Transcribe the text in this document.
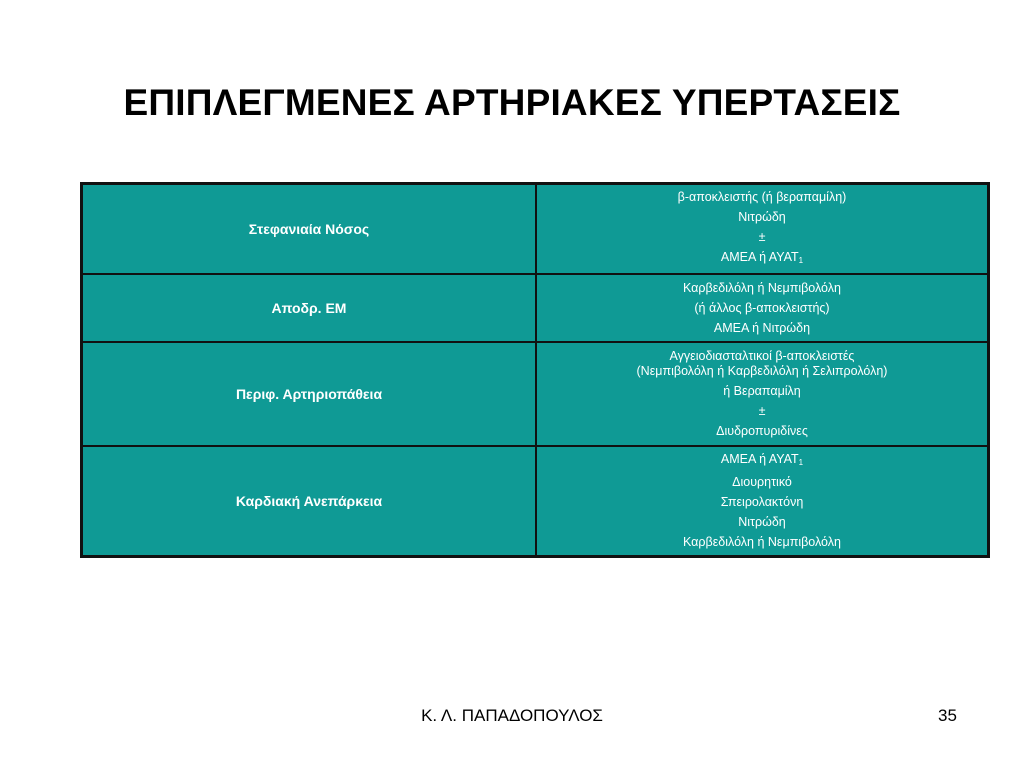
ΕΠΙΠΛΕΓΜΕΝΕΣ ΑΡΤΗΡΙΑΚΕΣ ΥΠΕΡΤΑΣΕΙΣ
Στεφανιαία Νόσος	β-αποκλειστής (ή βεραπαμίλη)
Νιτρώδη
±
ΑΜΕΑ ή $A\Upsilon AT_1$

Αποδρ. ΕΜ	Καρβεδιλόλη ή Νεμπιβολόλη
(ή άλλος β-αποκλειστής)
ΑΜΕΑ ή Νιτρώδη

Περιφ. Αρτηριοπάθεια	Αγγειοδιασταλτικοί β-αποκλειστές
(Νεμπιβολόλη ή Καρβεδιλόλη ή Σελιπρολόλη)
ή Βεραπαμίλη
±
Διυδροπυριδίνες

Καρδιακή Ανεπάρκεια	ΑΜΕΑ ή $A\Upsilon AT_1$
Διουρητικό
Σπειρολακτόνη
Νιτρώδη
Καρβεδιλόλη ή Νεμπιβολόλη
Κ. Λ. ΠΑΠΑΔΟΠΟΥΛΟΣ	35
